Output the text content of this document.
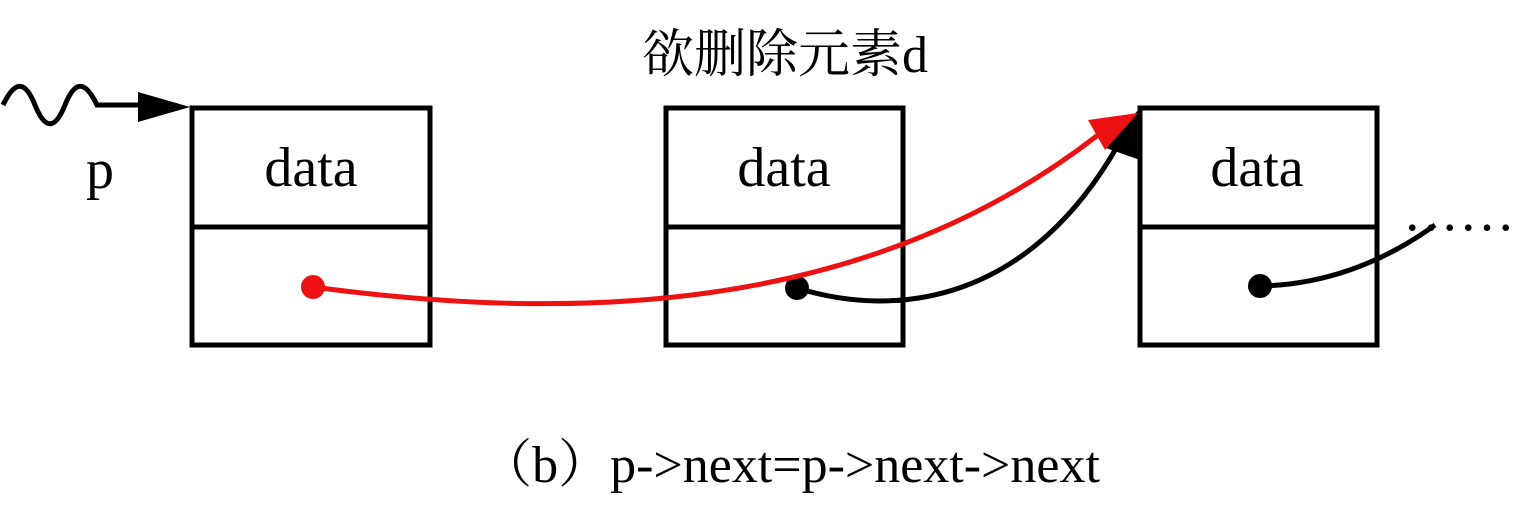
欲删除元素d
p	data	data	data
……
（b）p->next=p->next->next
